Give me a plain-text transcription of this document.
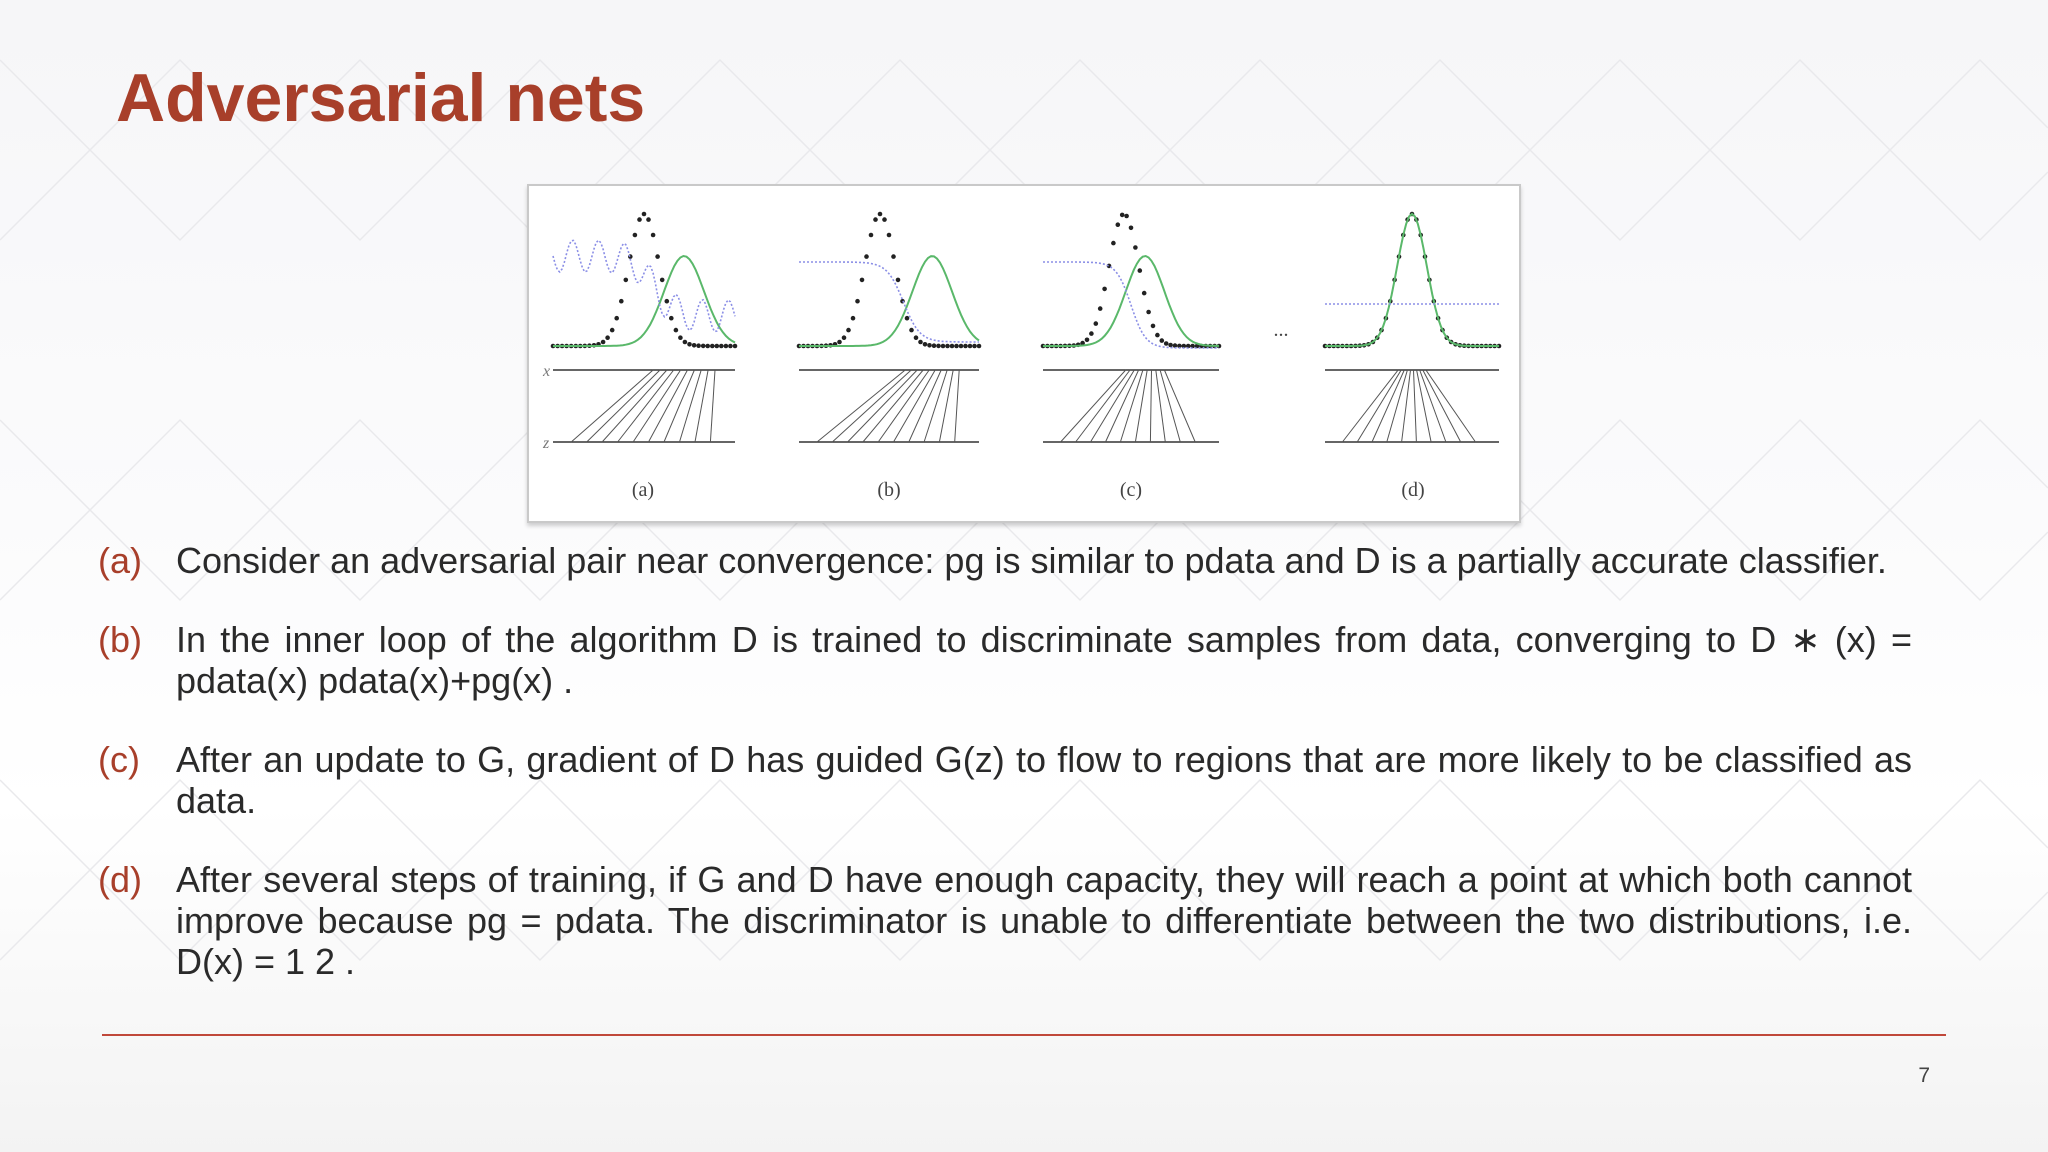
Adversarial nets
(a)	(b)	(c)	(d)
...
x
z
(a) Consider an adversarial pair near convergence: pg is similar to pdata and D is a partially accurate classifier.
(b) In the inner loop of the algorithm D is trained to discriminate samples from data, converging to D ∗ (x) = pdata(x) pdata(x)+pg(x) .
(c)	After an update to G, gradient of D has guided G(z) to flow to regions that are more likely to be classified as data.
(d) After several steps of training, if G and D have enough capacity, they will reach a point at which both cannot improve because pg = pdata. The discriminator is unable to differentiate between the two distributions, i.e. D(x) = 1 2 .
7
